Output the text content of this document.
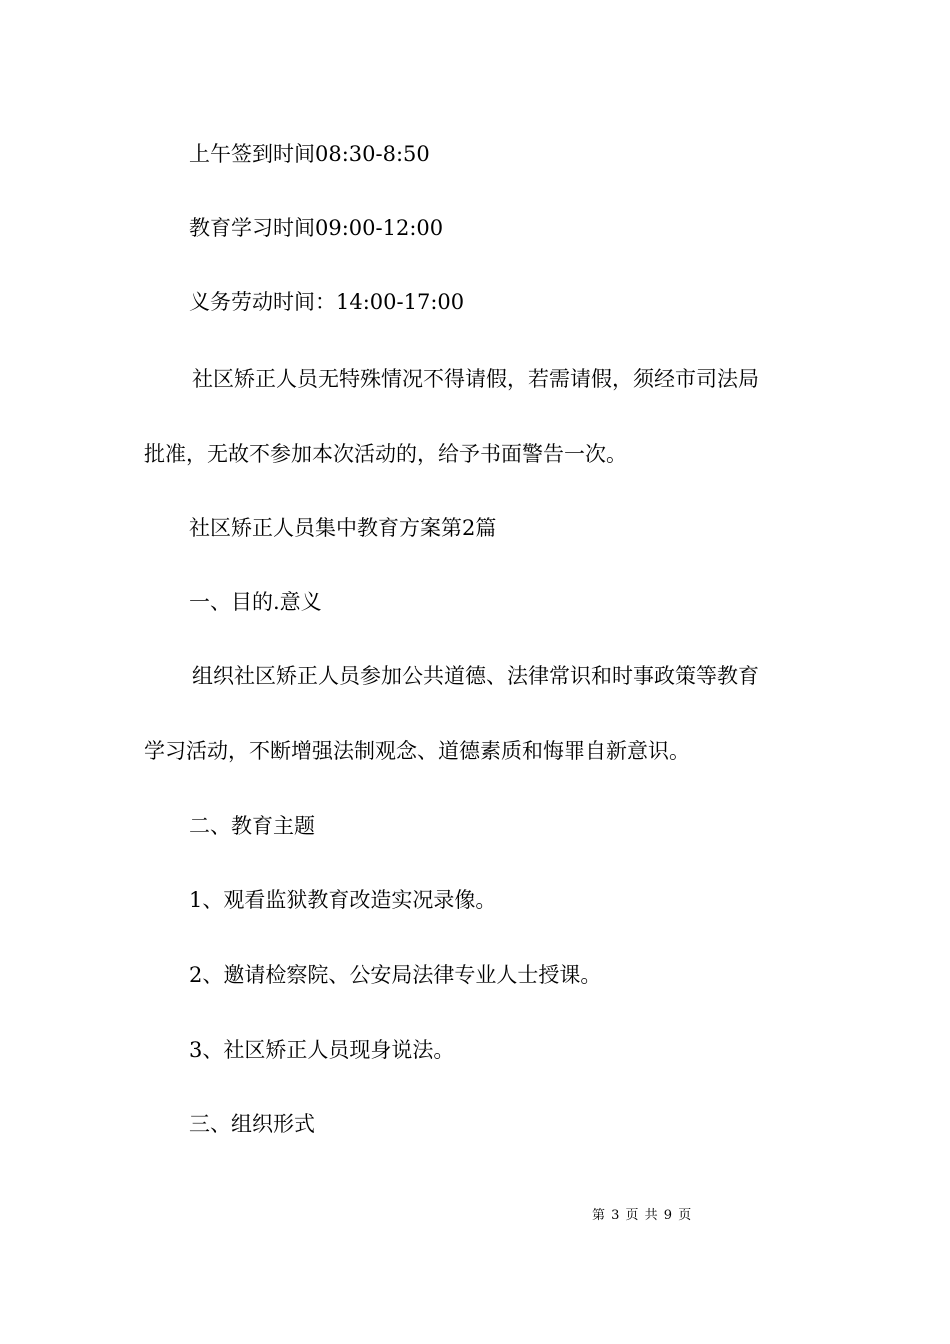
上午签到时间08:30-8:50
教育学习时间09:00-12:00
义务劳动时间：14:00-17:00
社区矫正人员无特殊情况不得请假，若需请假，须经市司法局
批准，无故不参加本次活动的，给予书面警告一次。
社区矫正人员集中教育方案第2篇
一、目的.意义
组织社区矫正人员参加公共道德、法律常识和时事政策等教育
学习活动，不断增强法制观念、道德素质和悔罪自新意识。
二、教育主题
1、观看监狱教育改造实况录像。
2、邀请检察院、公安局法律专业人士授课。
3、社区矫正人员现身说法。
三、组织形式
第 3 页 共 9 页
